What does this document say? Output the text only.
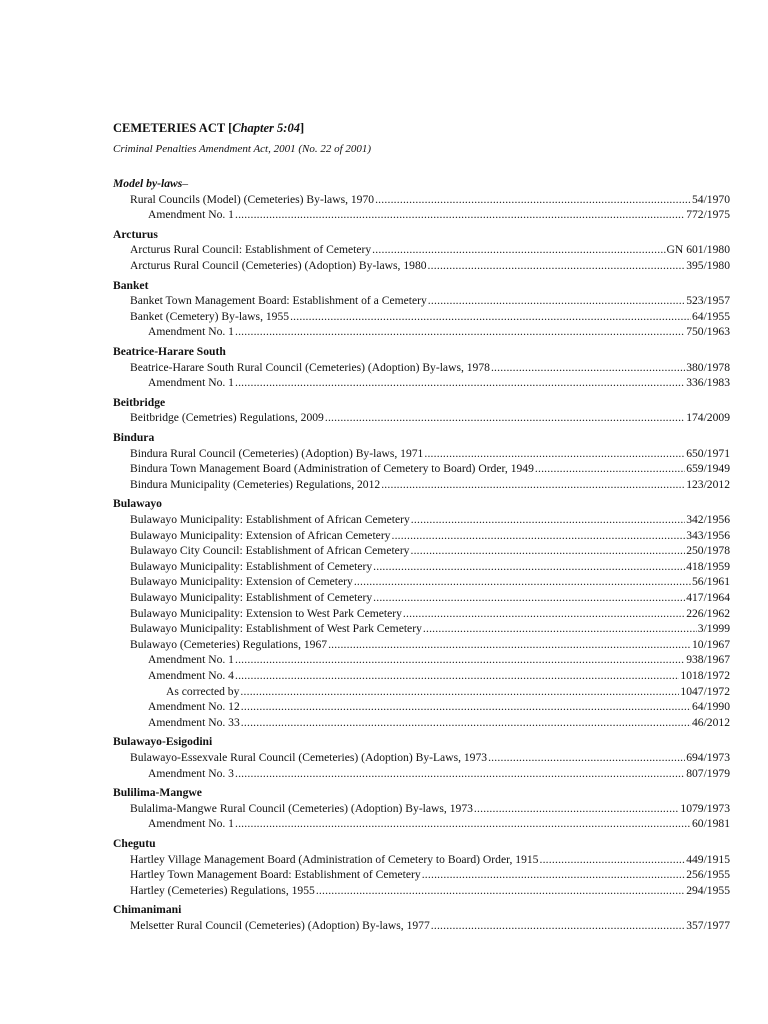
CEMETERIES ACT [Chapter 5:04]
Criminal Penalties Amendment Act, 2001 (No. 22 of 2001)
Model by-laws–
Rural Councils (Model) (Cemeteries) By-laws, 1970 .....	54/1970
Amendment No. 1 .....	772/1975
Arcturus
Arcturus Rural Council: Establishment of Cemetery .....	GN 601/1980
Arcturus Rural Council (Cemeteries) (Adoption) By-laws, 1980 .....	395/1980
Banket
Banket Town Management Board: Establishment of a Cemetery .....	523/1957
Banket (Cemetery) By-laws, 1955 .....	64/1955
Amendment No. 1 .....	750/1963
Beatrice-Harare South
Beatrice-Harare South Rural Council (Cemeteries) (Adoption) By-laws, 1978 .....	380/1978
Amendment No. 1 .....	336/1983
Beitbridge
Beitbridge (Cemetries) Regulations, 2009 .....	174/2009
Bindura
Bindura Rural Council (Cemeteries) (Adoption) By-laws, 1971 .....	650/1971
Bindura Town Management Board (Administration of Cemetery to Board) Order, 1949 .....	659/1949
Bindura Municipality (Cemeteries) Regulations, 2012 .....	123/2012
Bulawayo
Bulawayo Municipality: Establishment of African Cemetery .....	342/1956
Bulawayo Municipality: Extension of African Cemetery .....	343/1956
Bulawayo City Council: Establishment of African Cemetery .....	250/1978
Bulawayo Municipality: Establishment of Cemetery .....	418/1959
Bulawayo Municipality: Extension of Cemetery .....	56/1961
Bulawayo Municipality: Establishment of Cemetery .....	417/1964
Bulawayo Municipality: Extension to West Park Cemetery .....	226/1962
Bulawayo Municipality: Establishment of West Park Cemetery .....	3/1999
Bulawayo (Cemeteries) Regulations, 1967 .....	10/1967
Amendment No. 1 .....	938/1967
Amendment No. 4 .....	1018/1972
As corrected by .....	1047/1972
Amendment No. 12 .....	64/1990
Amendment No. 33 .....	46/2012
Bulawayo-Esigodini
Bulawayo-Essexvale Rural Council (Cemeteries) (Adoption) By-Laws, 1973 .....	694/1973
Amendment No. 3 .....	807/1979
Bulilima-Mangwe
Bulalima-Mangwe Rural Council (Cemeteries) (Adoption) By-laws, 1973 .....	1079/1973
Amendment No. 1 .....	60/1981
Chegutu
Hartley Village Management Board (Administration of Cemetery to Board) Order, 1915 .....	449/1915
Hartley Town Management Board: Establishment of Cemetery .....	256/1955
Hartley (Cemeteries) Regulations, 1955 .....	294/1955
Chimanimani
Melsetter Rural Council (Cemeteries) (Adoption) By-laws, 1977 .....	357/1977
